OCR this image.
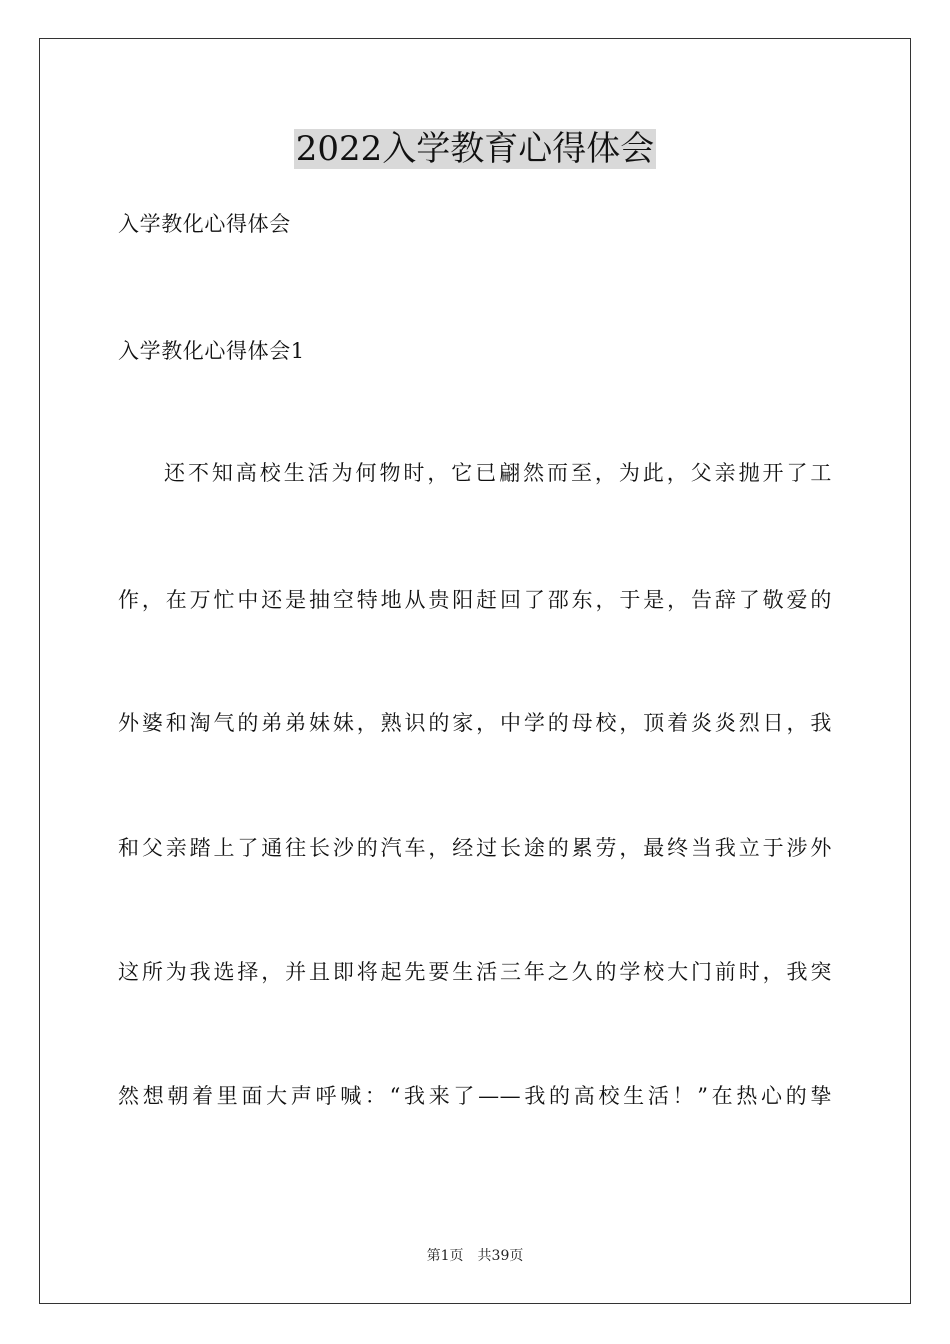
2022入学教育心得体会
入学教化心得体会
入学教化心得体会1
还不知高校生活为何物时，它已翩然而至，为此，父亲抛开了工
作，在万忙中还是抽空特地从贵阳赶回了邵东，于是，告辞了敬爱的
外婆和淘气的弟弟妹妹，熟识的家，中学的母校，顶着炎炎烈日，我
和父亲踏上了通往长沙的汽车，经过长途的累劳，最终当我立于涉外
这所为我选择，并且即将起先要生活三年之久的学校大门前时，我突
然想朝着里面大声呼喊：“我来了——我的高校生活！”在热心的挚
第1页 共39页
